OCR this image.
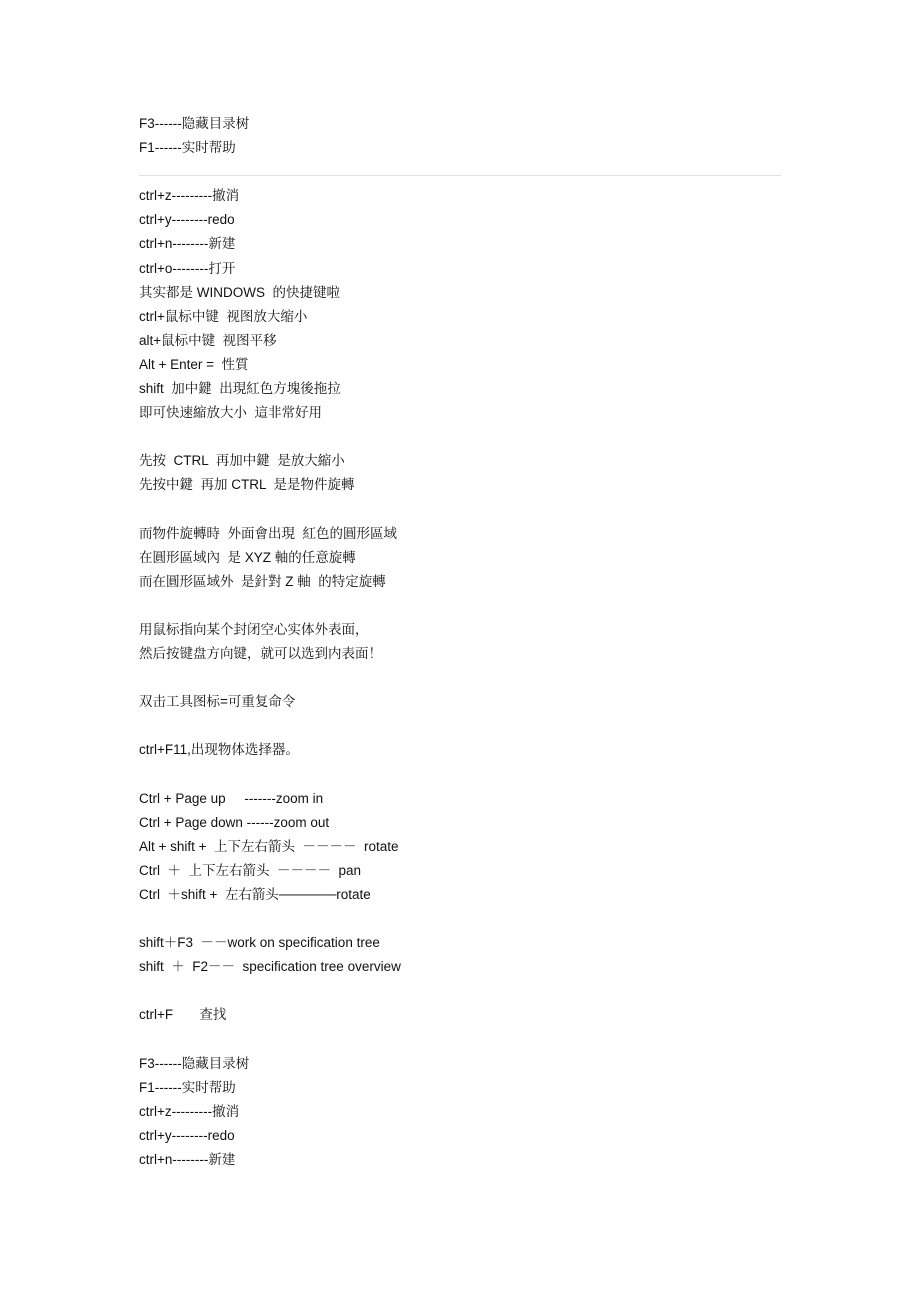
F3------隐藏目录树
F1------实时帮助
ctrl+z---------撤消
ctrl+y--------redo
ctrl+n--------新建
ctrl+o--------打开
其实都是 WINDOWS  的快捷键啦
ctrl+鼠标中键  视图放大缩小
alt+鼠标中键  视图平移
Alt + Enter =  性質
shift  加中鍵  出現紅色方塊後拖拉
即可快速縮放大小  這非常好用
先按  CTRL  再加中鍵  是放大縮小
先按中鍵  再加 CTRL  是是物件旋轉
而物件旋轉時  外面會出現  紅色的圓形區域
在圓形區域內  是 XYZ 軸的任意旋轉
而在圓形區域外  是針對 Z 軸  的特定旋轉
用鼠标指向某个封闭空心实体外表面，
然后按键盘方向键，就可以选到内表面！
双击工具图标=可重复命令
ctrl+F11,出现物体选择器。
Ctrl + Page up     -------zoom in
Ctrl + Page down ------zoom out
Alt + shift +  上下左右箭头  －－－－  rotate
Ctrl  ＋  上下左右箭头  －－－－  pan
Ctrl  ＋shift +  左右箭头──────rotate
shift＋F3  －－work on specification tree
shift  ＋  F2－－  specification tree overview
ctrl+F       查找
F3------隐藏目录树
F1------实时帮助
ctrl+z---------撤消
ctrl+y--------redo
ctrl+n--------新建
